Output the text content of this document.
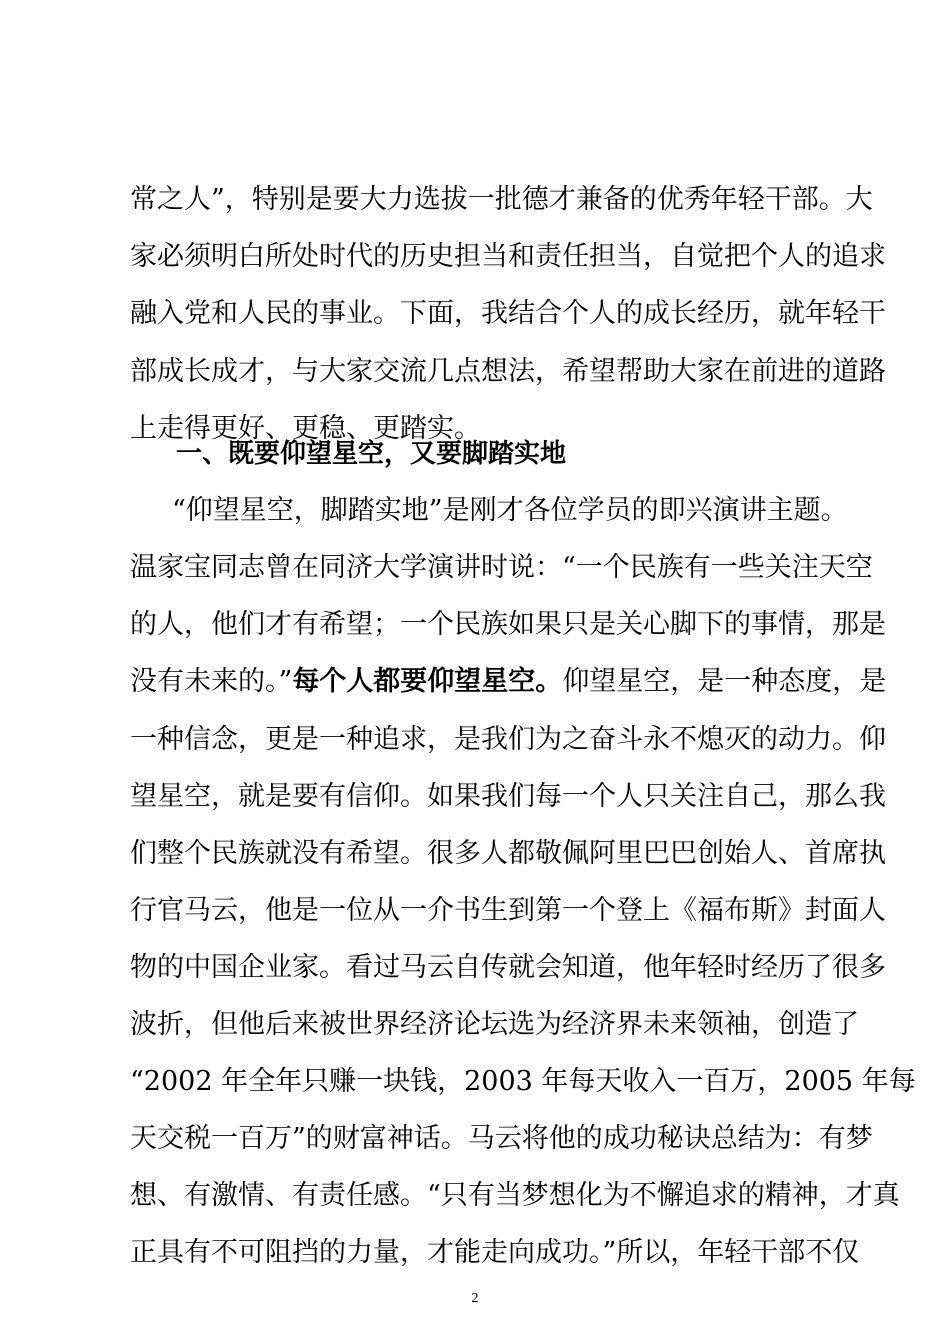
常之人”，特别是要大力选拔一批德才兼备的优秀年轻干部。大
家必须明白所处时代的历史担当和责任担当，自觉把个人的追求
融入党和人民的事业。下面，我结合个人的成长经历，就年轻干
部成长成才，与大家交流几点想法，希望帮助大家在前进的道路
上走得更好、更稳、更踏实。
一、既要仰望星空，又要脚踏实地
“仰望星空，脚踏实地”是刚才各位学员的即兴演讲主题。
温家宝同志曾在同济大学演讲时说：“一个民族有一些关注天空
的人，他们才有希望；一个民族如果只是关心脚下的事情，那是
没有未来的。”每个人都要仰望星空。仰望星空，是一种态度，是
一种信念，更是一种追求，是我们为之奋斗永不熄灭的动力。仰
望星空，就是要有信仰。如果我们每一个人只关注自己，那么我
们整个民族就没有希望。很多人都敬佩阿里巴巴创始人、首席执
行官马云，他是一位从一介书生到第一个登上《福布斯》封面人
物的中国企业家。看过马云自传就会知道，他年轻时经历了很多
波折，但他后来被世界经济论坛选为经济界未来领袖，创造了
“2002 年全年只赚一块钱，2003 年每天收入一百万，2005 年每
天交税一百万”的财富神话。马云将他的成功秘诀总结为：有梦
想、有激情、有责任感。“只有当梦想化为不懈追求的精神，才真
正具有不可阻挡的力量，才能走向成功。”所以，年轻干部不仅
2
